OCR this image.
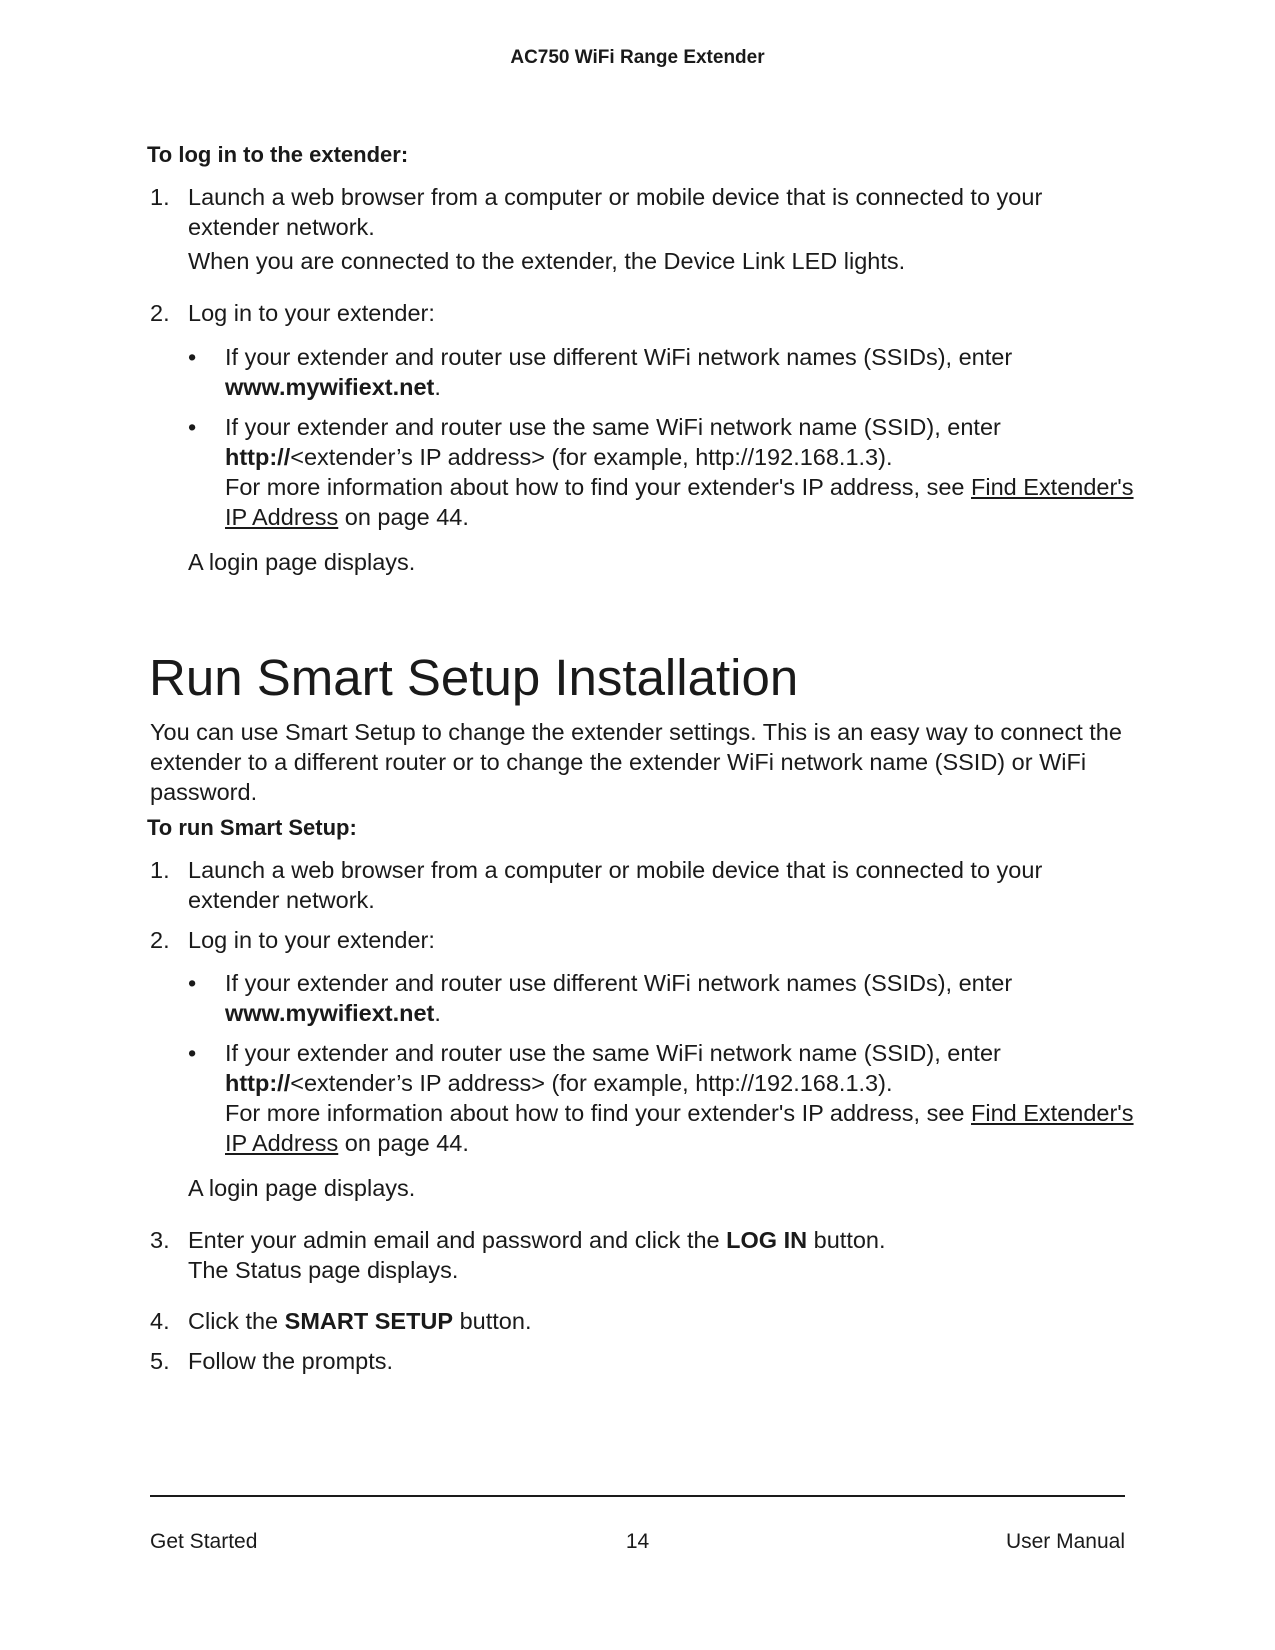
AC750 WiFi Range Extender
To log in to the extender:
1. Launch a web browser from a computer or mobile device that is connected to your extender network.
When you are connected to the extender, the Device Link LED lights.
2. Log in to your extender:
• If your extender and router use different WiFi network names (SSIDs), enter www.mywifiext.net.
• If your extender and router use the same WiFi network name (SSID), enter http://<extender’s IP address> (for example, http://192.168.1.3).
For more information about how to find your extender's IP address, see Find Extender's IP Address on page 44.
A login page displays.
Run Smart Setup Installation
You can use Smart Setup to change the extender settings. This is an easy way to connect the extender to a different router or to change the extender WiFi network name (SSID) or WiFi password.
To run Smart Setup:
1. Launch a web browser from a computer or mobile device that is connected to your extender network.
2. Log in to your extender:
• If your extender and router use different WiFi network names (SSIDs), enter www.mywifiext.net.
• If your extender and router use the same WiFi network name (SSID), enter http://<extender’s IP address> (for example, http://192.168.1.3).
For more information about how to find your extender's IP address, see Find Extender's IP Address on page 44.
A login page displays.
3. Enter your admin email and password and click the LOG IN button.
The Status page displays.
4. Click the SMART SETUP button.
5. Follow the prompts.
Get Started	14	User Manual
